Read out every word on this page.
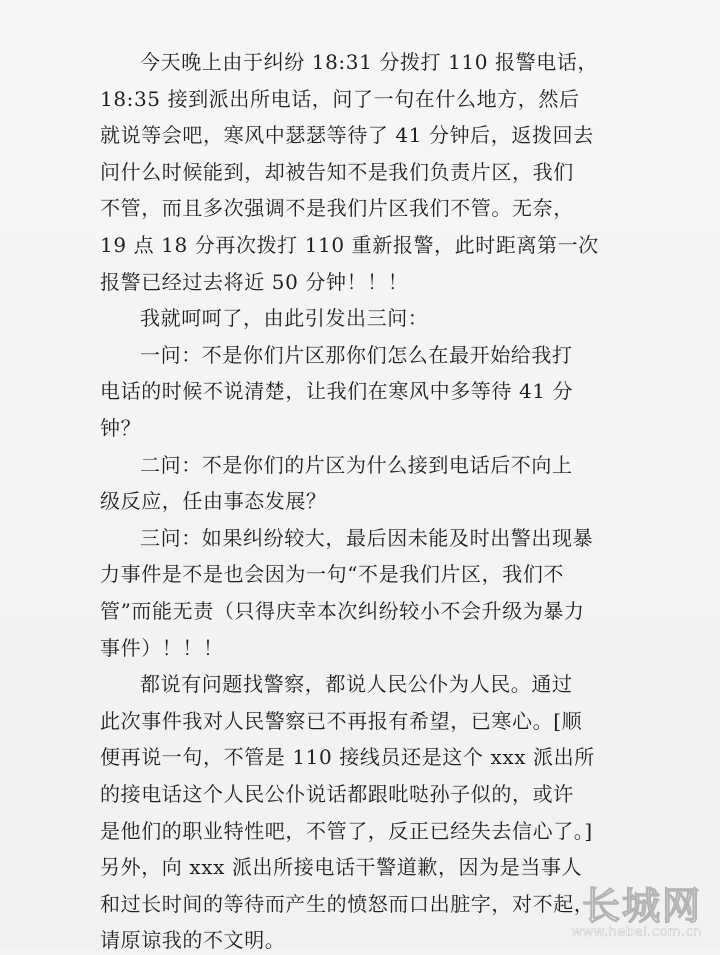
今天晚上由于纠纷 18:31 分拨打 110 报警电话，
18:35 接到派出所电话，问了一句在什么地方，然后
就说等会吧，寒风中瑟瑟等待了 41 分钟后，返拨回去
问什么时候能到，却被告知不是我们负责片区，我们
不管，而且多次强调不是我们片区我们不管。无奈，
19 点 18 分再次拨打 110 重新报警，此时距离第一次
报警已经过去将近 50 分钟！！！
我就呵呵了，由此引发出三问：
一问：不是你们片区那你们怎么在最开始给我打
电话的时候不说清楚，让我们在寒风中多等待 41 分
钟？
二问：不是你们的片区为什么接到电话后不向上
级反应，任由事态发展？
三问：如果纠纷较大，最后因未能及时出警出现暴
力事件是不是也会因为一句“不是我们片区，我们不
管”而能无责（只得庆幸本次纠纷较小不会升级为暴力
事件）！！！
都说有问题找警察，都说人民公仆为人民。通过
此次事件我对人民警察已不再报有希望，已寒心。[顺
便再说一句，不管是 110 接线员还是这个 xxx 派出所
的接电话这个人民公仆说话都跟吡哒孙子似的，或许
是他们的职业特性吧，不管了，反正已经失去信心了。]
另外，向 xxx 派出所接电话干警道歉，因为是当事人
和过长时间的等待而产生的愤怒而口出脏字，对不起，
请原谅我的不文明。
长城网
www.hebei.com.cn
